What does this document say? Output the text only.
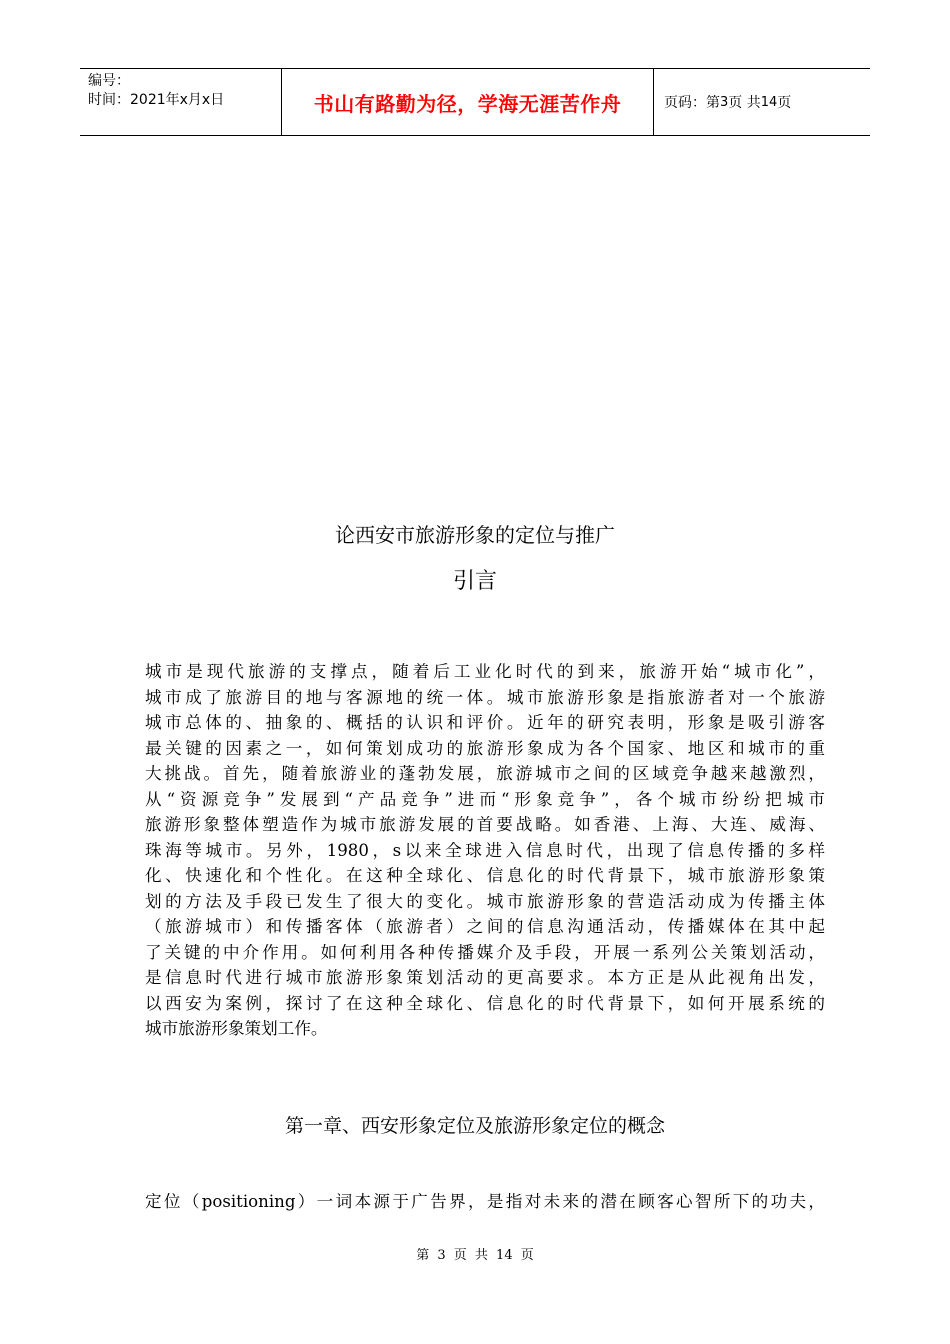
编号：
时间：2021年x月x日	书山有路勤为径，学海无涯苦作舟	页码：第 3 页 共 14 页
论西安市旅游形象的定位与推广
引言
城市是现代旅游的支撑点，随着后工业化时代的到来，旅游开始“城市化”，
城市成了旅游目的地与客源地的统一体。城市旅游形象是指旅游者对一个旅游
城市总体的、抽象的、概括的认识和评价。近年的研究表明，形象是吸引游客
最关键的因素之一，如何策划成功的旅游形象成为各个国家、地区和城市的重
大挑战。首先，随着旅游业的蓬勃发展，旅游城市之间的区域竞争越来越激烈，
从“资源竞争”发展到“产品竞争”进而“形象竞争”，各个城市纷纷把城市
旅游形象整体塑造作为城市旅游发展的首要战略。如香港、上海、大连、威海、
珠海等城市。另外，1980，s以来全球进入信息时代，出现了信息传播的多样
化、快速化和个性化。在这种全球化、信息化的时代背景下，城市旅游形象策
划的方法及手段已发生了很大的变化。城市旅游形象的营造活动成为传播主体
（旅游城市）和传播客体（旅游者）之间的信息沟通活动，传播媒体在其中起
了关键的中介作用。如何利用各种传播媒介及手段，开展一系列公关策划活动，
是信息时代进行城市旅游形象策划活动的更高要求。本方正是从此视角出发，
以西安为案例，探讨了在这种全球化、信息化的时代背景下，如何开展系统的
城市旅游形象策划工作。
第一章、西安形象定位及旅游形象定位的概念
定位（positioning）一词本源于广告界，是指对未来的潜在顾客心智所下的功夫，
第 3 页 共 14 页
